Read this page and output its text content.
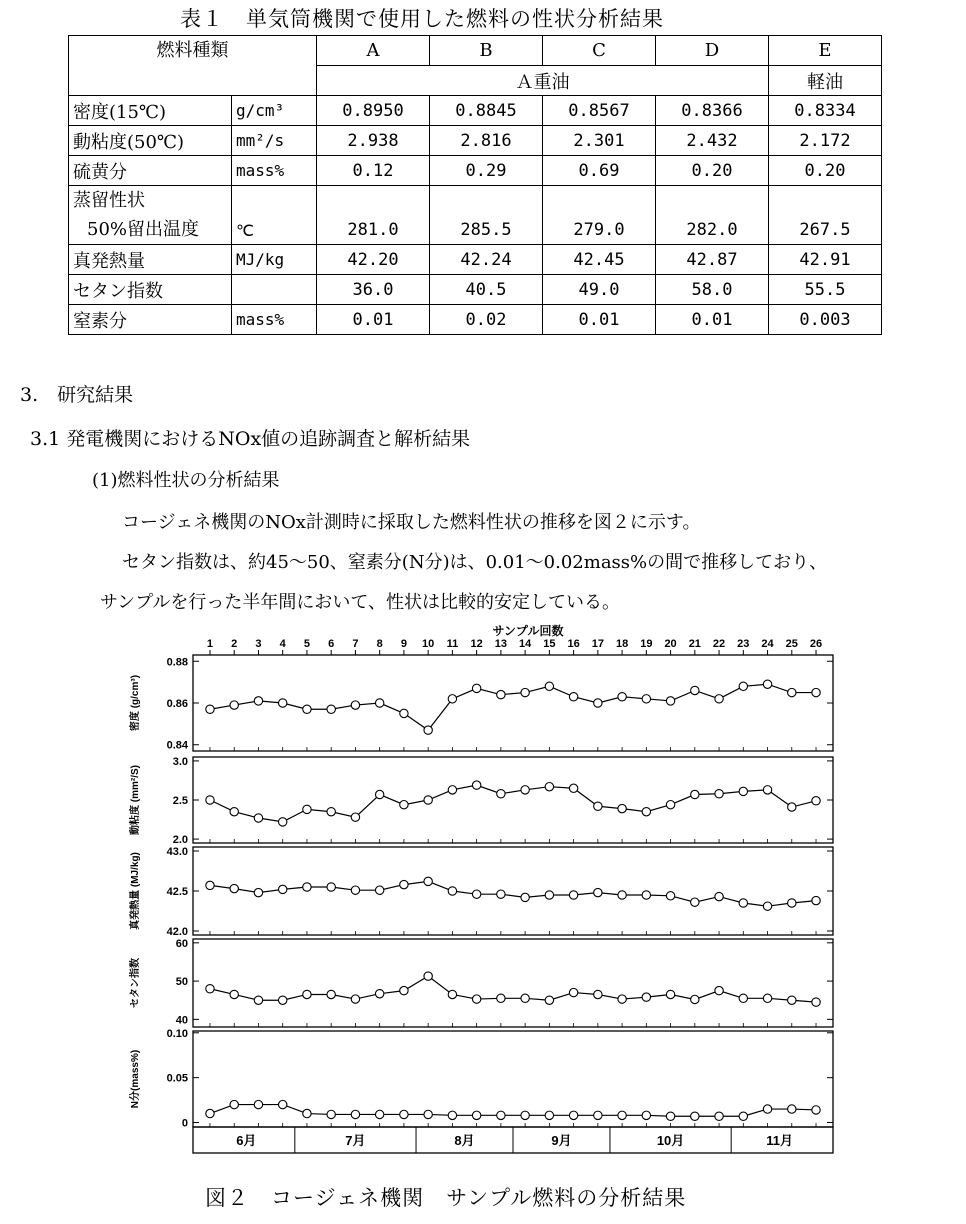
表１　単気筒機関で使用した燃料の性状分析結果
燃料種類		A	B	C	D	E
		Ａ重油				軽油
密度(15℃)	g/cm³	0.8950	0.8845	0.8567	0.8366	0.8334
動粘度(50℃)	mm²/s	2.938	2.816	2.301	2.432	2.172
硫黄分	mass%	0.12	0.29	0.69	0.20	0.20

蒸留性状
50%留出温度	℃	281.0	285.5	279.0	282.0	267.5
真発熱量	MJ/kg	42.20	42.24	42.45	42.87	42.91
セタン指数		36.0	40.5	49.0	58.0	55.5
窒素分	mass%	0.01	0.02	0.01	0.01	0.003
3.　研究結果
3.1 発電機関におけるNOx値の追跡調査と解析結果
(1)燃料性状の分析結果
コージェネ機関のNOx計測時に採取した燃料性状の推移を図２に示す。
セタン指数は、約45～50、窒素分(N分)は、0.01～0.02mass%の間で推移しており、
サンプルを行った半年間において、性状は比較的安定している。
サンプル回数
1 2 3 4 5 6 7 8 9 10 11 12 13 14 15 16 17 18 19 20 21 22 23 24 25 26
0.84
0.86
0.88
密度 (g/cm³)
2.0
2.5
3.0
動粘度 (mm²/S)
42.0
42.5
43.0
真発熱量 (MJ/kg)
40
50
60
セタン指数
0
0.05
0.10
N分(mass%)
6月	7月	8月	9月	10月	11月
図２　コージェネ機関　サンプル燃料の分析結果
